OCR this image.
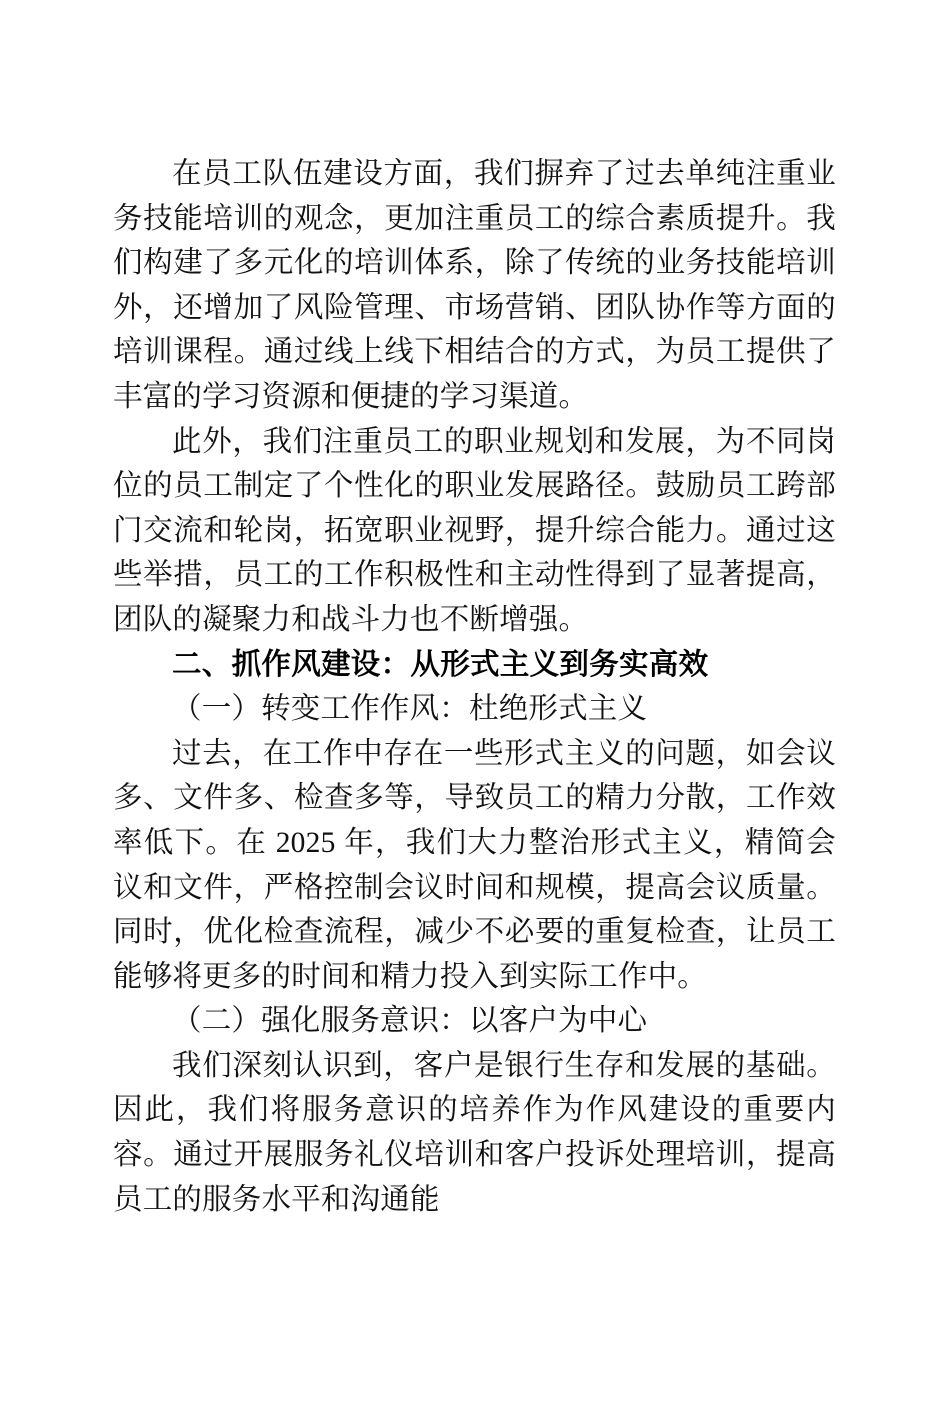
在员工队伍建设方面，我们摒弃了过去单纯注重业务技能培训的观念，更加注重员工的综合素质提升。我们构建了多元化的培训体系，除了传统的业务技能培训外，还增加了风险管理、市场营销、团队协作等方面的培训课程。通过线上线下相结合的方式，为员工提供了丰富的学习资源和便捷的学习渠道。

此外，我们注重员工的职业规划和发展，为不同岗位的员工制定了个性化的职业发展路径。鼓励员工跨部门交流和轮岗，拓宽职业视野，提升综合能力。通过这些举措，员工的工作积极性和主动性得到了显著提高，团队的凝聚力和战斗力也不断增强。

二、抓作风建设：从形式主义到务实高效
（一）转变工作作风：杜绝形式主义

过去，在工作中存在一些形式主义的问题，如会议多、文件多、检查多等，导致员工的精力分散，工作效率低下。在 2025 年，我们大力整治形式主义，精简会议和文件，严格控制会议时间和规模，提高会议质量。同时，优化检查流程，减少不必要的重复检查，让员工能够将更多的时间和精力投入到实际工作中。

（二）强化服务意识：以客户为中心

我们深刻认识到，客户是银行生存和发展的基础。因此，我们将服务意识的培养作为作风建设的重要内容。通过开展服务礼仪培训和客户投诉处理培训，提高员工的服务水平和沟通能
